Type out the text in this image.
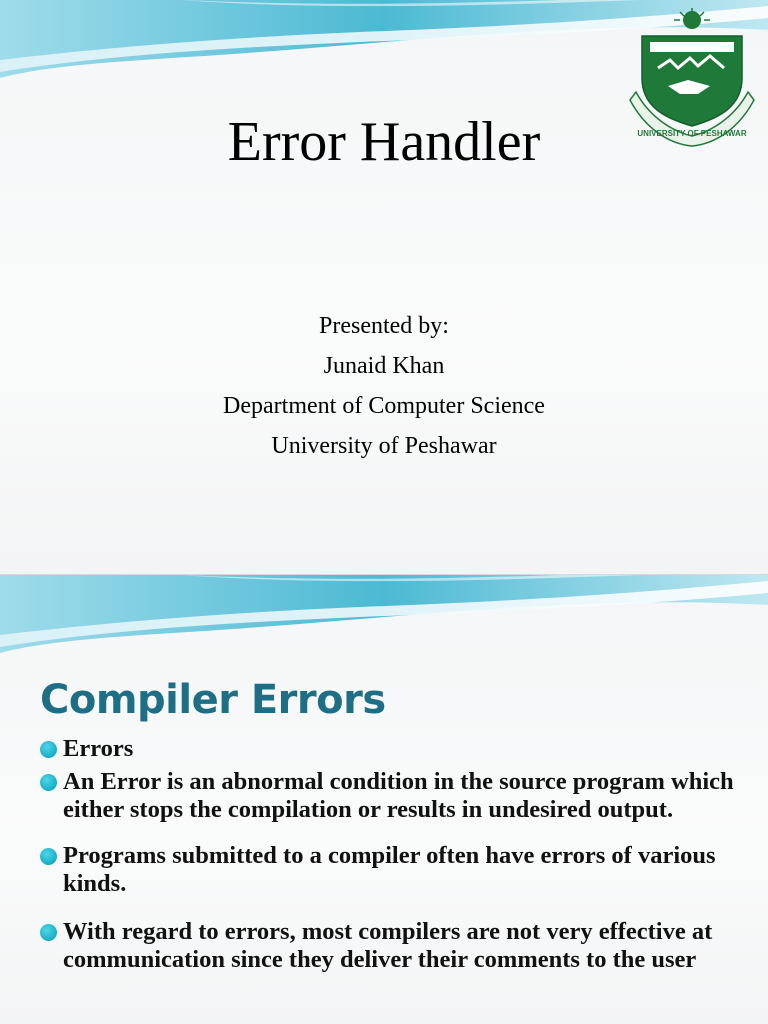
UNIVERSITY OF PESHAWAR
Error Handler
Presented by:
Junaid Khan
Department of Computer Science
University of Peshawar
Compiler Errors
Errors
An Error is an abnormal condition in the source program which either stops the compilation or results in undesired output.
Programs submitted to a compiler often have errors of various kinds.
With regard to errors, most compilers are not very effective at communication since they deliver their comments to the user
